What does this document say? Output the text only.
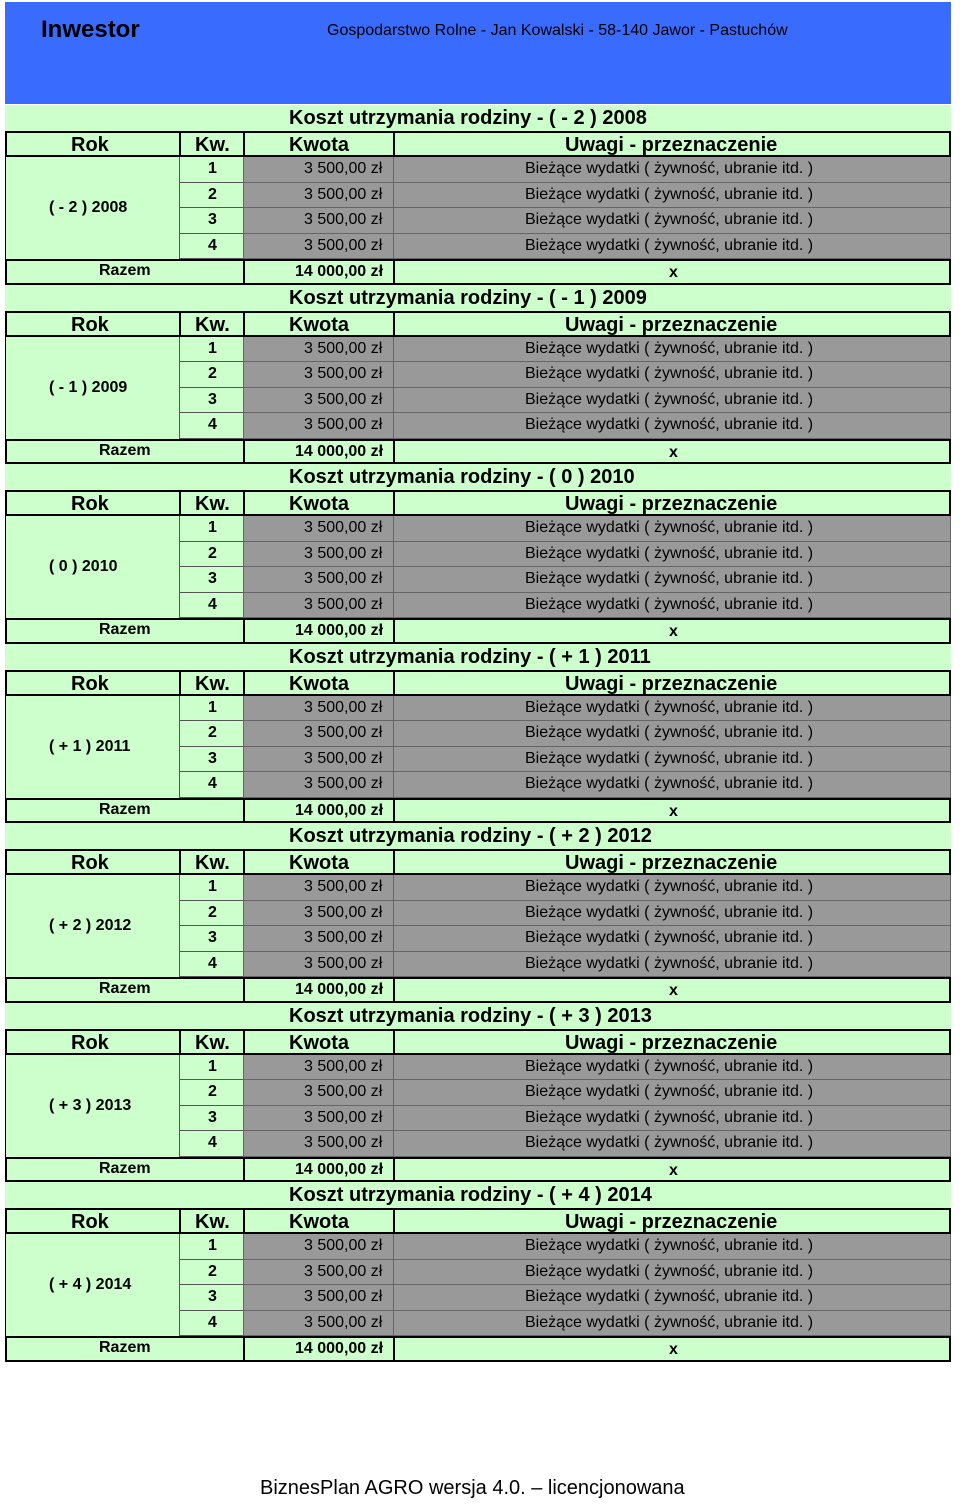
Inwestor	Gospodarstwo Rolne - Jan Kowalski - 58-140 Jawor - Pastuchów
Koszt utrzymania rodziny - ( - 2 ) 2008
Rok	Kw.	Kwota	Uwagi - przeznaczenie
( - 2 ) 2008
1	3 500,00 zł	Bieżące wydatki ( żywność, ubranie itd. )
2	3 500,00 zł	Bieżące wydatki ( żywność, ubranie itd. )
3	3 500,00 zł	Bieżące wydatki ( żywność, ubranie itd. )
4	3 500,00 zł	Bieżące wydatki ( żywność, ubranie itd. )
Razem	14 000,00 zł	x
Koszt utrzymania rodziny - ( - 1 ) 2009
Rok	Kw.	Kwota	Uwagi - przeznaczenie
( - 1 ) 2009
1	3 500,00 zł	Bieżące wydatki ( żywność, ubranie itd. )
2	3 500,00 zł	Bieżące wydatki ( żywność, ubranie itd. )
3	3 500,00 zł	Bieżące wydatki ( żywność, ubranie itd. )
4	3 500,00 zł	Bieżące wydatki ( żywność, ubranie itd. )
Razem	14 000,00 zł	x
Koszt utrzymania rodziny - ( 0 ) 2010
Rok	Kw.	Kwota	Uwagi - przeznaczenie
( 0 ) 2010
1	3 500,00 zł	Bieżące wydatki ( żywność, ubranie itd. )
2	3 500,00 zł	Bieżące wydatki ( żywność, ubranie itd. )
3	3 500,00 zł	Bieżące wydatki ( żywność, ubranie itd. )
4	3 500,00 zł	Bieżące wydatki ( żywność, ubranie itd. )
Razem	14 000,00 zł	x
Koszt utrzymania rodziny - ( + 1 ) 2011
Rok	Kw.	Kwota	Uwagi - przeznaczenie
( + 1 ) 2011
1	3 500,00 zł	Bieżące wydatki ( żywność, ubranie itd. )
2	3 500,00 zł	Bieżące wydatki ( żywność, ubranie itd. )
3	3 500,00 zł	Bieżące wydatki ( żywność, ubranie itd. )
4	3 500,00 zł	Bieżące wydatki ( żywność, ubranie itd. )
Razem	14 000,00 zł	x
Koszt utrzymania rodziny - ( + 2 ) 2012
Rok	Kw.	Kwota	Uwagi - przeznaczenie
( + 2 ) 2012
1	3 500,00 zł	Bieżące wydatki ( żywność, ubranie itd. )
2	3 500,00 zł	Bieżące wydatki ( żywność, ubranie itd. )
3	3 500,00 zł	Bieżące wydatki ( żywność, ubranie itd. )
4	3 500,00 zł	Bieżące wydatki ( żywność, ubranie itd. )
Razem	14 000,00 zł	x
Koszt utrzymania rodziny - ( + 3 ) 2013
Rok	Kw.	Kwota	Uwagi - przeznaczenie
( + 3 ) 2013
1	3 500,00 zł	Bieżące wydatki ( żywność, ubranie itd. )
2	3 500,00 zł	Bieżące wydatki ( żywność, ubranie itd. )
3	3 500,00 zł	Bieżące wydatki ( żywność, ubranie itd. )
4	3 500,00 zł	Bieżące wydatki ( żywność, ubranie itd. )
Razem	14 000,00 zł	x
Koszt utrzymania rodziny - ( + 4 ) 2014
Rok	Kw.	Kwota	Uwagi - przeznaczenie
( + 4 ) 2014
1	3 500,00 zł	Bieżące wydatki ( żywność, ubranie itd. )
2	3 500,00 zł	Bieżące wydatki ( żywność, ubranie itd. )
3	3 500,00 zł	Bieżące wydatki ( żywność, ubranie itd. )
4	3 500,00 zł	Bieżące wydatki ( żywność, ubranie itd. )
Razem	14 000,00 zł	x
BiznesPlan AGRO wersja 4.0. – licencjonowana
